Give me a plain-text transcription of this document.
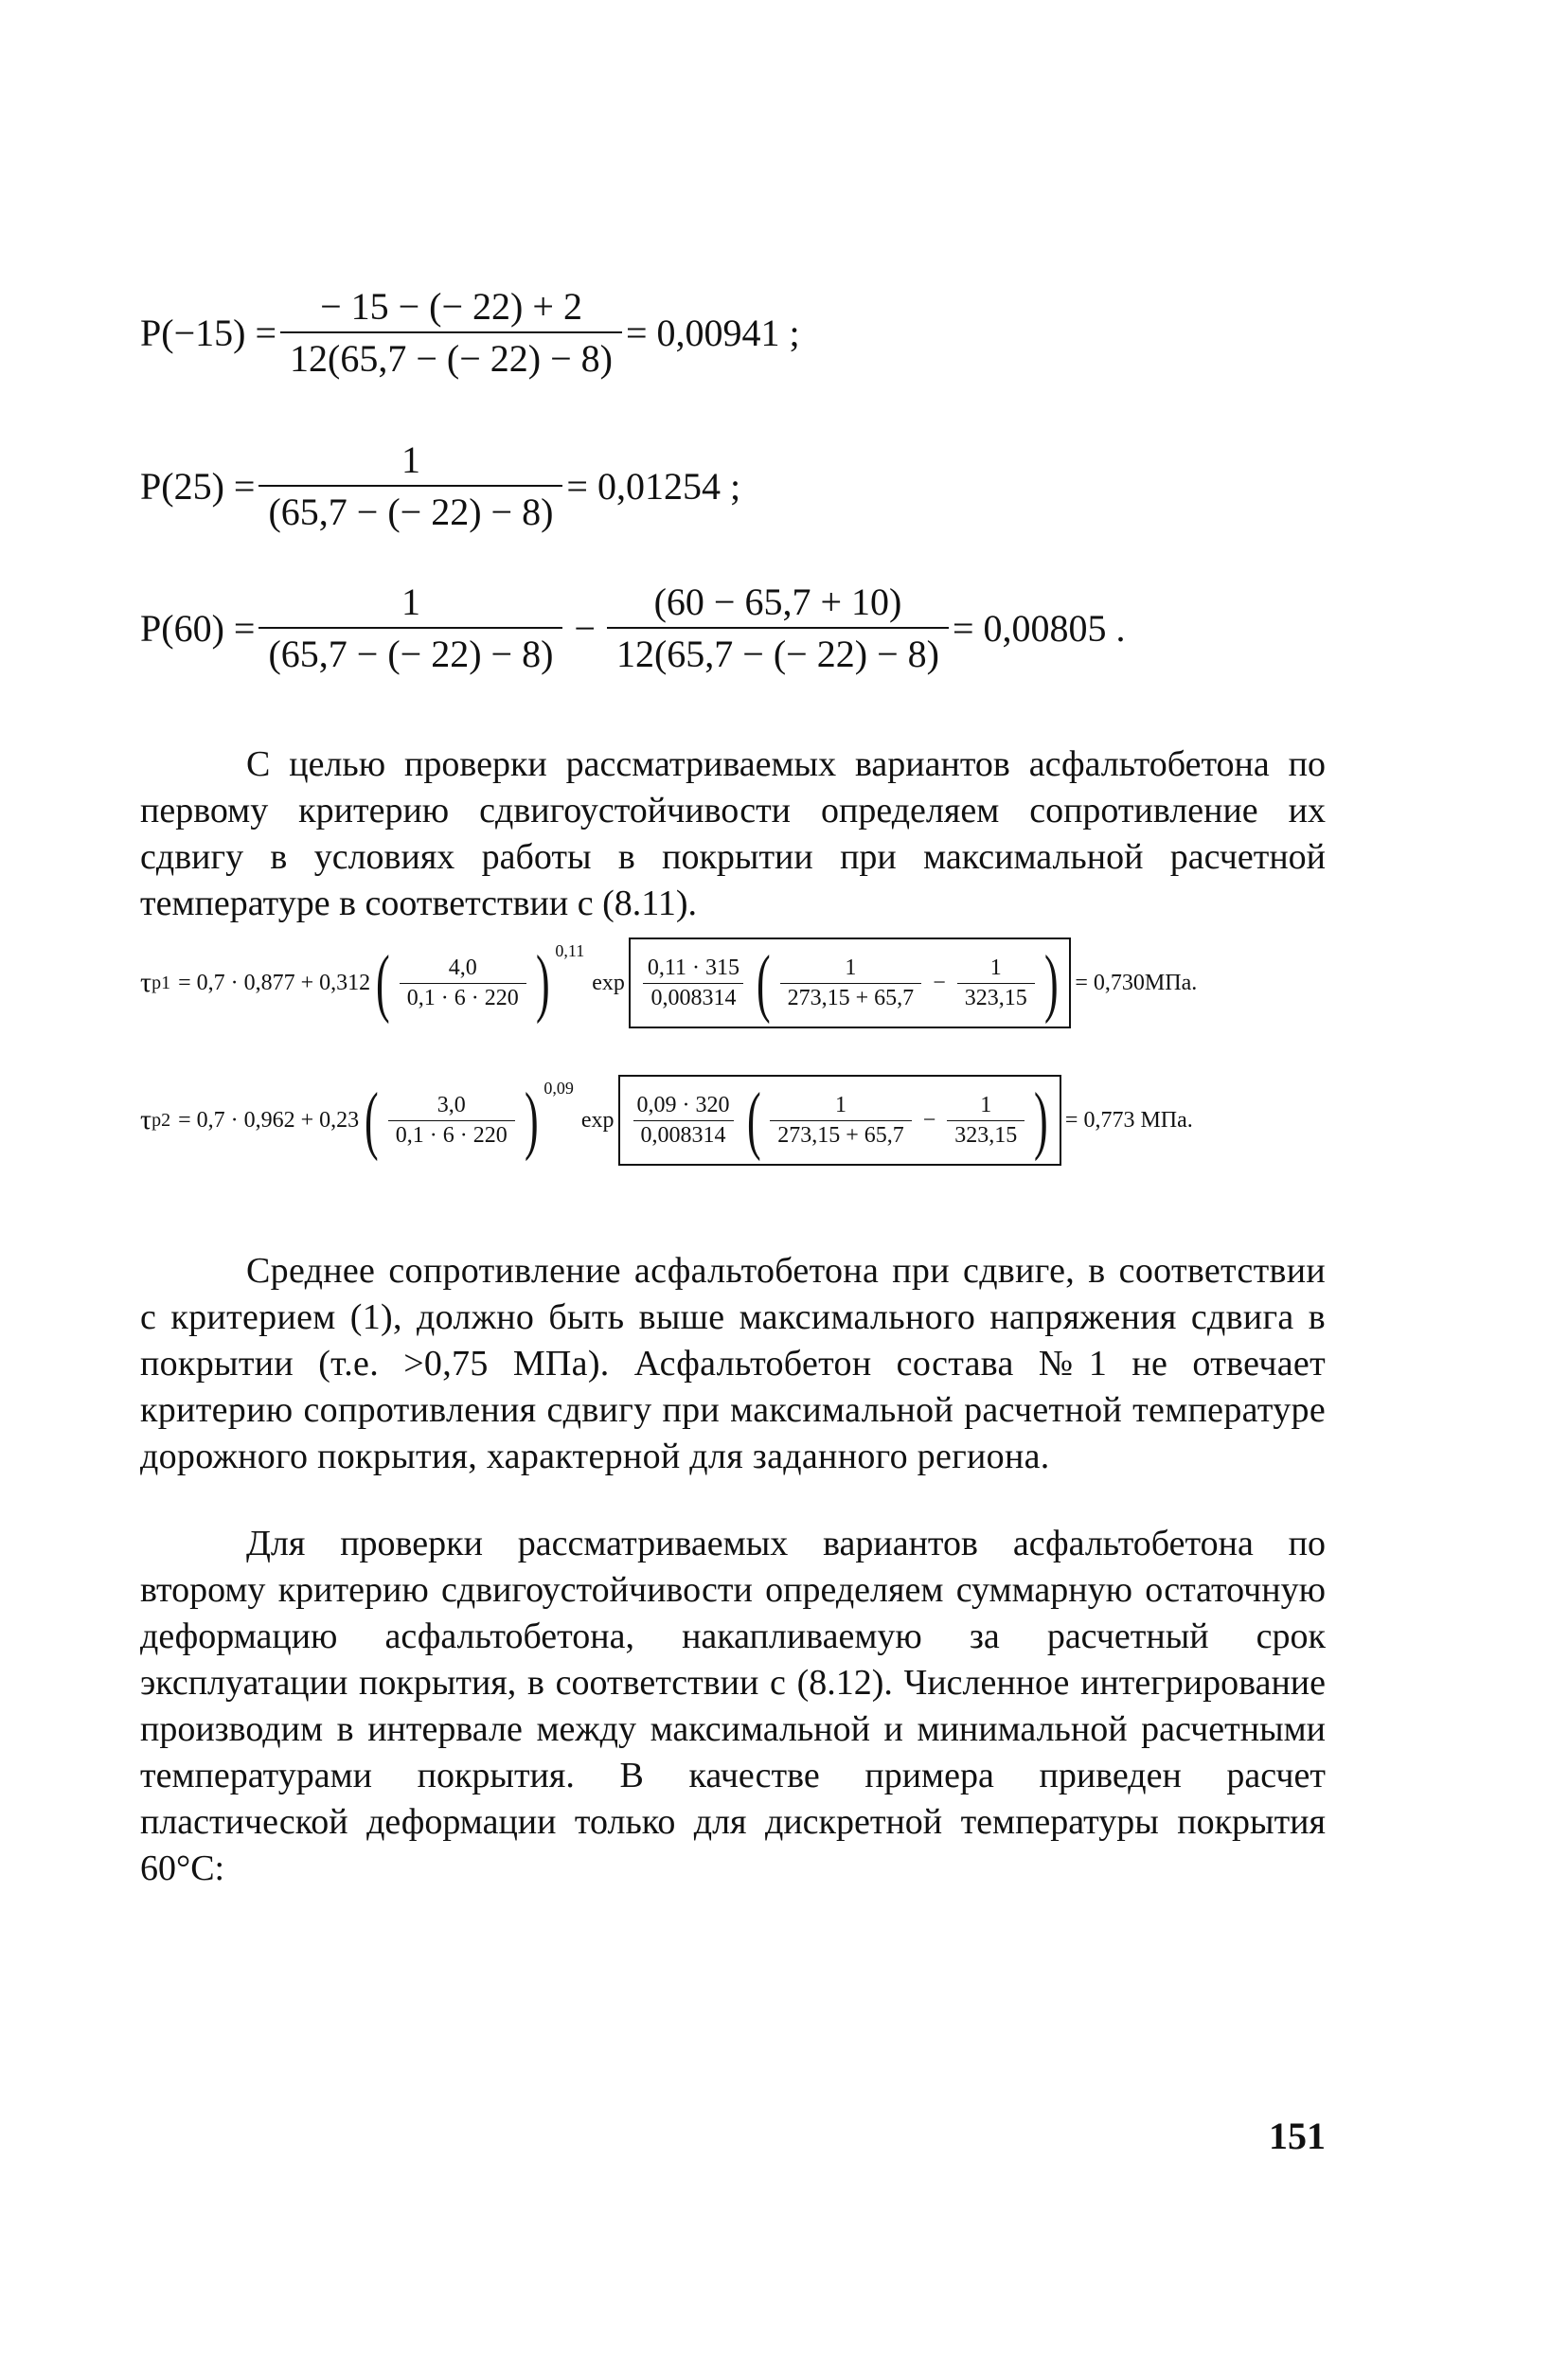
$P(-15) = \frac{- 15 - (- 22) + 2}{12(65,7 - (- 22) - 8)} = 0,00941$ ;
$P(25) = \frac{1}{(65,7 - (- 22) - 8)} = 0,01254$ ;
$P(60) = \frac{1}{(65,7 - (- 22) - 8)} - \frac{(60 - 65,7 + 10)}{12(65,7 - (- 22) - 8)} = 0,00805$ .

С целью проверки рассматриваемых вариантов асфальтобетона по первому критерию сдвигоустойчивости определяем сопротивление их сдвигу в условиях работы в покрытии при максимальной расчетной температуре в соответствии с (8.11).

τ p1 = 0,7 · 0,877 + 0,312 ( $\frac{4,0}{0,1 \cdot 6 \cdot 220}$ ) 0,11
$\exp \frac{0,11 \cdot 315}{0,008314}$ ( $\frac{1}{273,15 + 65,7} - \frac{1}{323,15}$ ) = 0,730МПа.
τ p2 = 0,7 · 0,962 + 0,23 ( $\frac{3,0}{0,1 \cdot 6 \cdot 220}$ ) 0,09
$\exp \frac{0,09 \cdot 320}{0,008314}$ ( $\frac{1}{273,15 + 65,7} - \frac{1}{323,15}$ ) = 0,773 МПа.

Среднее сопротивление асфальтобетона при сдвиге, в соответствии с критерием (1), должно быть выше максимального напряжения сдвига в покрытии (т.е. >0,75 МПа). Асфальтобетон состава №1 не отвечает критерию сопротивления сдвигу при максимальной расчетной температуре дорожного покрытия, характерной для заданного региона.

Для проверки рассматриваемых вариантов асфальтобетона по второму критерию сдвигоустойчивости определяем суммарную остаточную деформацию асфальтобетона, накапливаемую за расчетный срок эксплуатации покрытия, в соответствии с (8.12). Численное интегрирование производим в интервале между максимальной и минимальной расчетными температурами покрытия. В качестве примера приведен расчет пластической деформации только для дискретной температуры покрытия 60°С:

151
